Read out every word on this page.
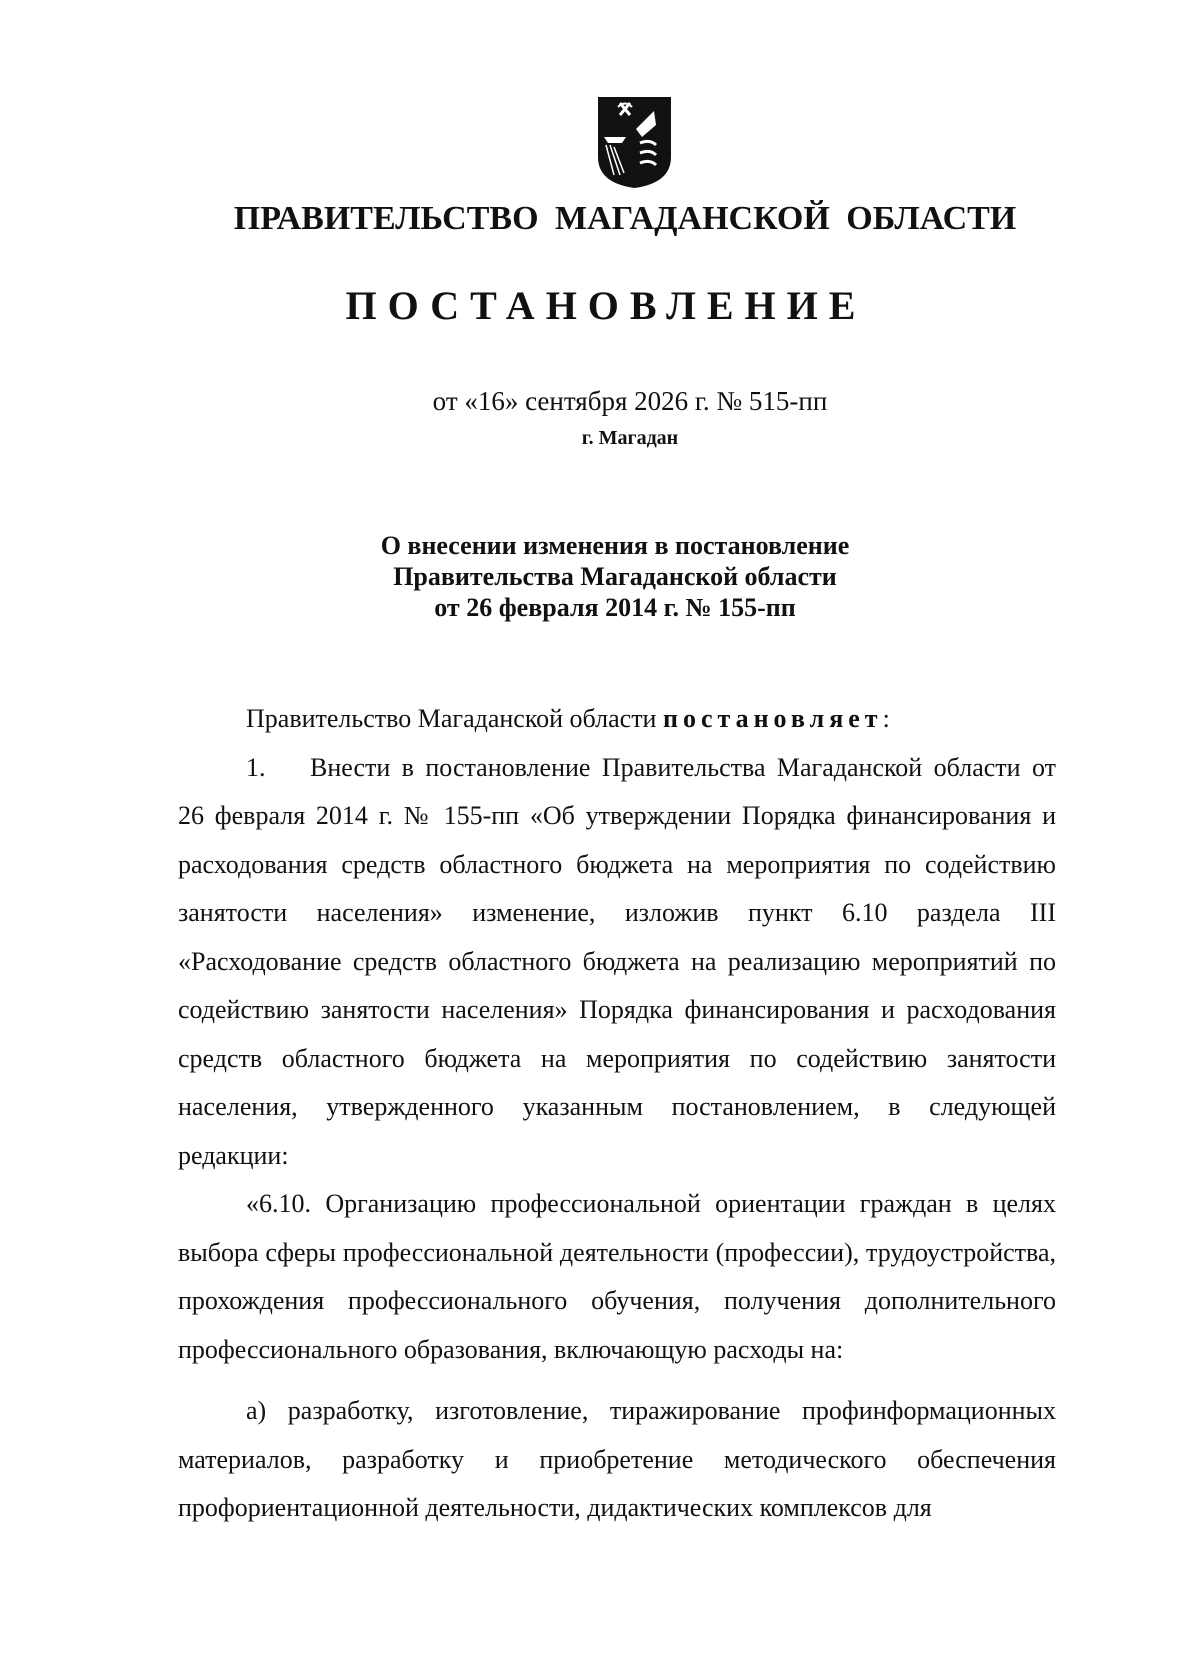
ПРАВИТЕЛЬСТВО МАГАДАНСКОЙ ОБЛАСТИ
ПОСТАНОВЛЕНИЕ
от «16» сентября 2026 г. № 515-пп
г. Магадан
О внесении изменения в постановление
Правительства Магаданской области
от 26 февраля 2014 г. № 155-пп

Правительство Магаданской области постановляет:

1. Внести в постановление Правительства Магаданской области от 26 февраля 2014 г. № 155-пп «Об утверждении Порядка финансирования и расходования средств областного бюджета на мероприятия по содействию занятости населения» изменение, изложив пункт 6.10 раздела III «Расходование средств областного бюджета на реализацию мероприятий по содействию занятости населения» Порядка финансирования и расходования средств областного бюджета на мероприятия по содействию занятости населения, утвержденного указанным постановлением, в следующей редакции:

«6.10. Организацию профессиональной ориентации граждан в целях выбора сферы профессиональной деятельности (профессии), трудоустройства, прохождения профессионального обучения, получения дополнительного профессионального образования, включающую расходы на:

а) разработку, изготовление, тиражирование профинформационных материалов, разработку и приобретение методического обеспечения профориентационной деятельности, дидактических комплексов для
